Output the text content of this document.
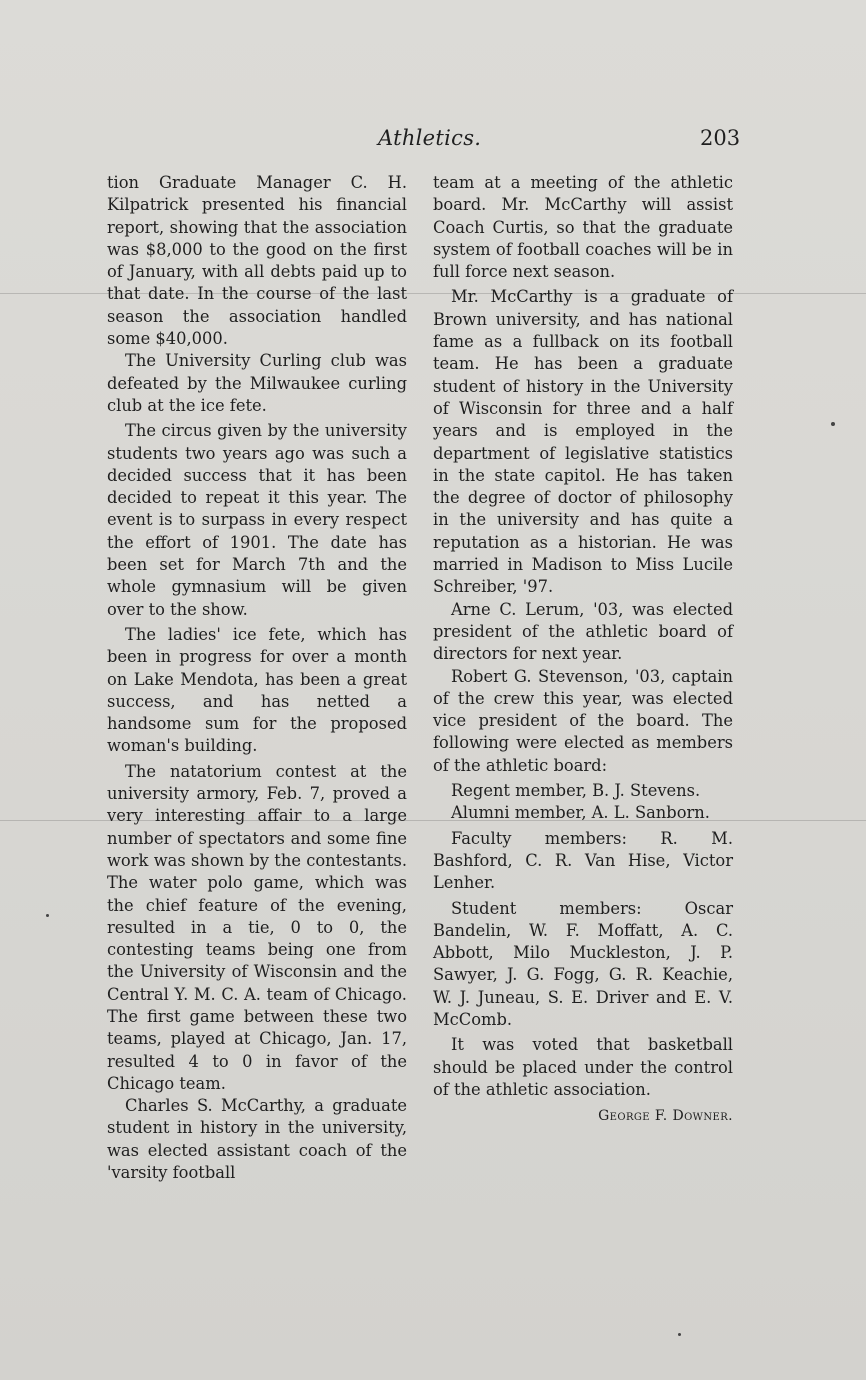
Athletics.	203

tion Graduate Manager C. H. Kilpatrick presented his financial report, showing that the association was $8,000 to the good on the first of January, with all debts paid up to that date. In the course of the last season the association handled some $40,000.

The University Curling club was defeated by the Milwaukee curling club at the ice fete.

The circus given by the university students two years ago was such a decided success that it has been decided to repeat it this year. The event is to surpass in every respect the effort of 1901. The date has been set for March 7th and the whole gymnasium will be given over to the show.

The ladies' ice fete, which has been in progress for over a month on Lake Mendota, has been a great success, and has netted a handsome sum for the proposed woman's building.

The natatorium contest at the university armory, Feb. 7, proved a very interesting affair to a large number of spectators and some fine work was shown by the contestants. The water polo game, which was the chief feature of the evening, resulted in a tie, 0 to 0, the contesting teams being one from the University of Wisconsin and the Central Y. M. C. A. team of Chicago. The first game between these two teams, played at Chicago, Jan. 17, resulted 4 to 0 in favor of the Chicago team.

Charles S. McCarthy, a graduate student in history in the university, was elected assistant coach of the 'varsity football

team at a meeting of the athletic board. Mr. McCarthy will assist Coach Curtis, so that the graduate system of football coaches will be in full force next season.

Mr. McCarthy is a graduate of Brown university, and has national fame as a fullback on its football team. He has been a graduate student of history in the University of Wisconsin for three and a half years and is employed in the department of legislative statistics in the state capitol. He has taken the degree of doctor of philosophy in the university and has quite a reputation as a historian. He was married in Madison to Miss Lucile Schreiber, '97.

Arne C. Lerum, '03, was elected president of the athletic board of directors for next year.

Robert G. Stevenson, '03, captain of the crew this year, was elected vice president of the board. The following were elected as members of the athletic board:

Regent member, B. J. Stevens.

Alumni member, A. L. Sanborn.

Faculty members: R. M. Bashford, C. R. Van Hise, Victor Lenher.

Student members: Oscar Bandelin, W. F. Moffatt, A. C. Abbott, Milo Muckleston, J. P. Sawyer, J. G. Fogg, G. R. Keachie, W. J. Juneau, S. E. Driver and E. V. McComb.

It was voted that basketball should be placed under the control of the athletic association.

George F. Downer.
